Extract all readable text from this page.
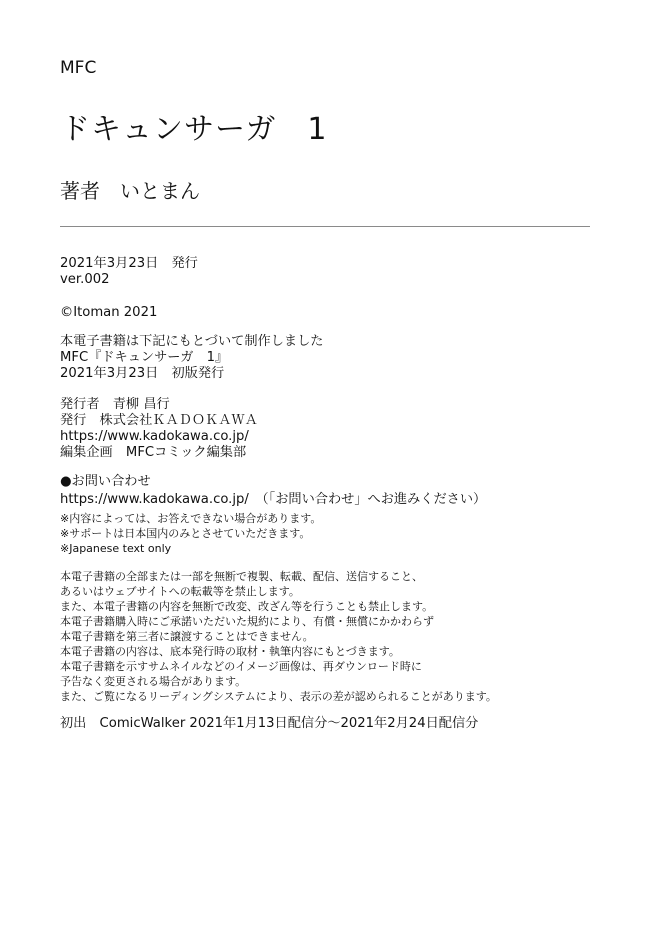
MFC
ドキュンサーガ　1
著者　いとまん
2021年3月23日　発行
ver.002
©Itoman 2021
本電子書籍は下記にもとづいて制作しました
MFC『ドキュンサーガ　1』
2021年3月23日　初版発行
発行者　青柳 昌行
発行　株式会社ＫＡＤＯＫＡＷＡ
https://www.kadokawa.co.jp/
編集企画　MFCコミック編集部
●お問い合わせ
https://www.kadokawa.co.jp/　（「お問い合わせ」へお進みください）
※内容によっては、お答えできない場合があります。
※サポートは日本国内のみとさせていただきます。
※Japanese text only
本電子書籍の全部または一部を無断で複製、転載、配信、送信すること、
あるいはウェブサイトへの転載等を禁止します。
また、本電子書籍の内容を無断で改変、改ざん等を行うことも禁止します。
本電子書籍購入時にご承諾いただいた規約により、有償・無償にかかわらず
本電子書籍を第三者に譲渡することはできません。
本電子書籍の内容は、底本発行時の取材・執筆内容にもとづきます。
本電子書籍を示すサムネイルなどのイメージ画像は、再ダウンロード時に
予告なく変更される場合があります。
また、ご覧になるリーディングシステムにより、表示の差が認められることがあります。
初出　ComicWalker 2021年1月13日配信分～2021年2月24日配信分
